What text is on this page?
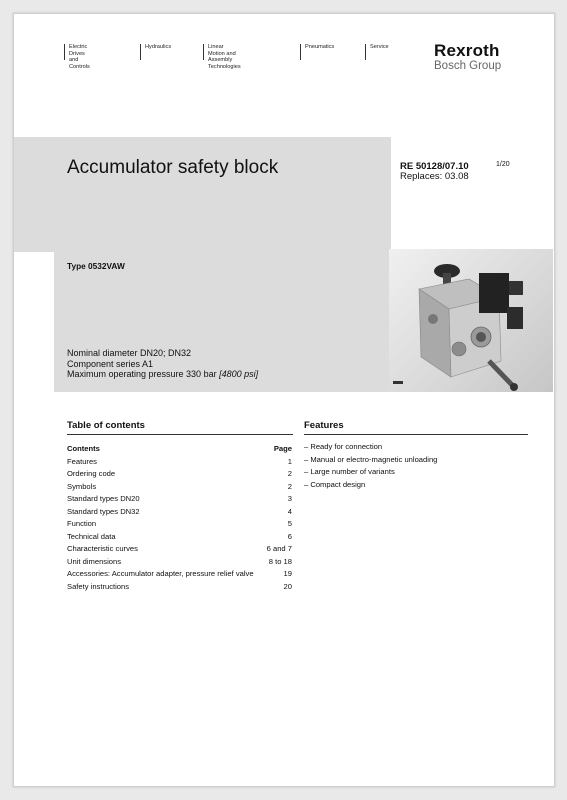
Electric Drives
and Controls
Hydraulics	Linear Motion and
Assembly Technologies
Pneumatics	Service	Rexroth
Bosch Group
Accumulator safety block	RE 50128/07.10
Replaces: 03.08
1/20
Type 0532VAW
Nominal diameter DN20; DN32
Component series A1
Maximum operating pressure 330 bar [4800 psi]
Table of contents
Contents	Page
Features	1
Ordering code	2
Symbols	2
Standard types DN20	3
Standard types DN32	4
Function	5
Technical data	6
Characteristic curves	6 and 7
Unit dimensions	8 to 18
Accessories: Accumulator adapter, pressure relief valve	19
Safety instructions	20
Features
– Ready for connection
– Manual or electro-magnetic unloading
– Large number of variants
– Compact design
